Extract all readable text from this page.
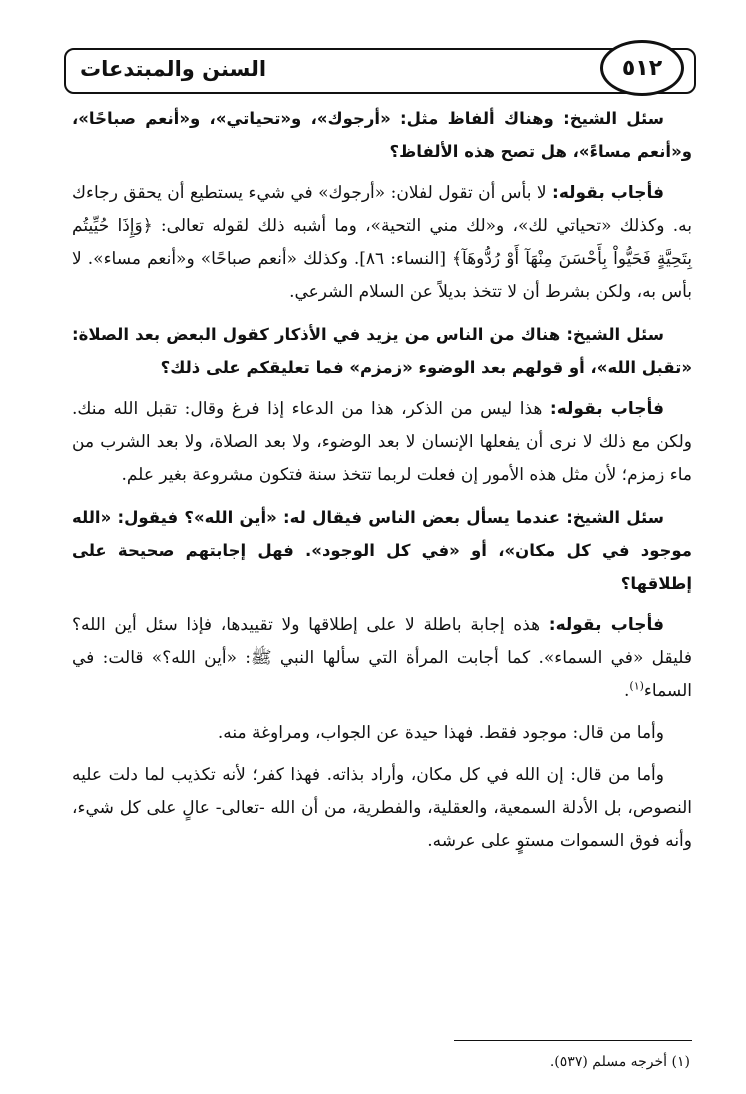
السنن والمبتدعات	٥١٢

سئل الشيخ: وهناك ألفاظ مثل: «أرجوك»، و«تحياتي»، و«أنعم صباحًا»، و«أنعم مساءً»، هل تصح هذه الألفاظ؟

فأجاب بقوله: لا بأس أن تقول لفلان: «أرجوك» في شيء يستطيع أن يحقق رجاءك به. وكذلك «تحياتي لك»، و«لك مني التحية»، وما أشبه ذلك لقوله تعالى: ﴿وَإِذَا حُيِّيتُم بِتَحِيَّةٍ فَحَيُّواْ بِأَحْسَنَ مِنْهَآ أَوْ رُدُّوهَآ﴾ [النساء: ٨٦]. وكذلك «أنعم صباحًا» و«أنعم مساء». لا بأس به، ولكن بشرط أن لا تتخذ بديلاً عن السلام الشرعي.

سئل الشيخ: هناك من الناس من يزيد في الأذكار كقول البعض بعد الصلاة: «تقبل الله»، أو قولهم بعد الوضوء «زمزم» فما تعليقكم على ذلك؟

فأجاب بقوله: هذا ليس من الذكر، هذا من الدعاء إذا فرغ وقال: تقبل الله منك. ولكن مع ذلك لا نرى أن يفعلها الإنسان لا بعد الوضوء، ولا بعد الصلاة، ولا بعد الشرب من ماء زمزم؛ لأن مثل هذه الأمور إن فعلت لربما تتخذ سنة فتكون مشروعة بغير علم.

سئل الشيخ: عندما يسأل بعض الناس فيقال له: «أين الله»؟ فيقول: «الله موجود في كل مكان»، أو «في كل الوجود». فهل إجابتهم صحيحة على إطلاقها؟

فأجاب بقوله: هذه إجابة باطلة لا على إطلاقها ولا تقييدها، فإذا سئل أين الله؟ فليقل «في السماء». كما أجابت المرأة التي سألها النبي ﷺ: «أين الله؟» قالت: في السماء$^{(١)}$.

وأما من قال: موجود فقط. فهذا حيدة عن الجواب، ومراوغة منه.

وأما من قال: إن الله في كل مكان، وأراد بذاته. فهذا كفر؛ لأنه تكذيب لما دلت عليه النصوص، بل الأدلة السمعية، والعقلية، والفطرية، من أن الله -تعالى- عالٍ على كل شيء، وأنه فوق السموات مستوٍ على عرشه.

(١) أخرجه مسلم (٥٣٧).
